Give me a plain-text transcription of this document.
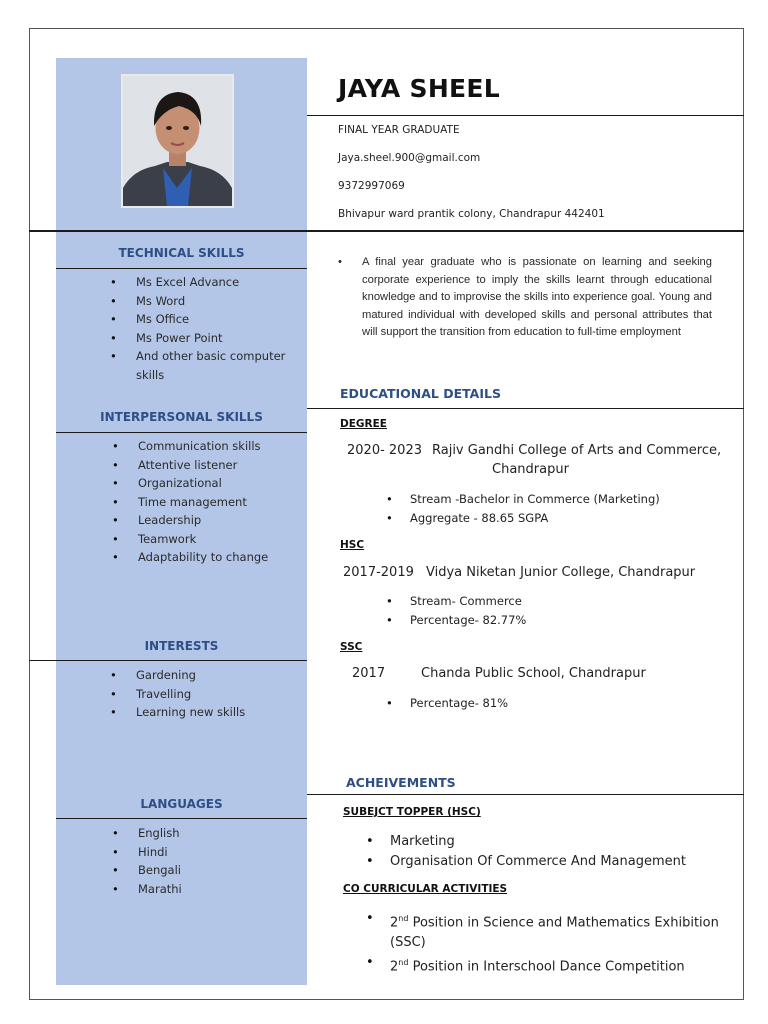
JAYA SHEEL
FINAL YEAR GRADUATE
Jaya.sheel.900@gmail.com
9372997069
Bhivapur ward prantik colony, Chandrapur 442401
TECHNICAL SKILLS
• Ms Excel Advance
• Ms Word
• Ms Office
• Ms Power Point
• And other basic computer skills
INTERPERSONAL SKILLS
• Communication skills
• Attentive listener
• Organizational
• Time management
• Leadership
• Teamwork
• Adaptability to change
INTERESTS
• Gardening
• Travelling
• Learning new skills
LANGUAGES
• English
• Hindi
• Bengali
• Marathi
• A final year graduate who is passionate on learning and seeking corporate experience to imply the skills learnt through educational knowledge and to improvise the skills into experience goal. Young and matured individual with developed skills and personal attributes that will support the transition from education to full-time employment
EDUCATIONAL DETAILS
DEGREE
2020- 2023 Rajiv Gandhi College of Arts and Commerce,
Chandrapur
• Stream -Bachelor in Commerce (Marketing)
• Aggregate - 88.65 SGPA
HSC
2017-2019 Vidya Niketan Junior College, Chandrapur
• Stream- Commerce
• Percentage- 82.77%
SSC
2017	Chanda Public School, Chandrapur
• Percentage- 81%
ACHEIVEMENTS
SUBEJCT TOPPER (HSC)
• Marketing
• Organisation Of Commerce And Management
CO CURRICULAR ACTIVITIES
• 2nd Position in Science and Mathematics Exhibition (SSC)
• 2nd Position in Interschool Dance Competition
